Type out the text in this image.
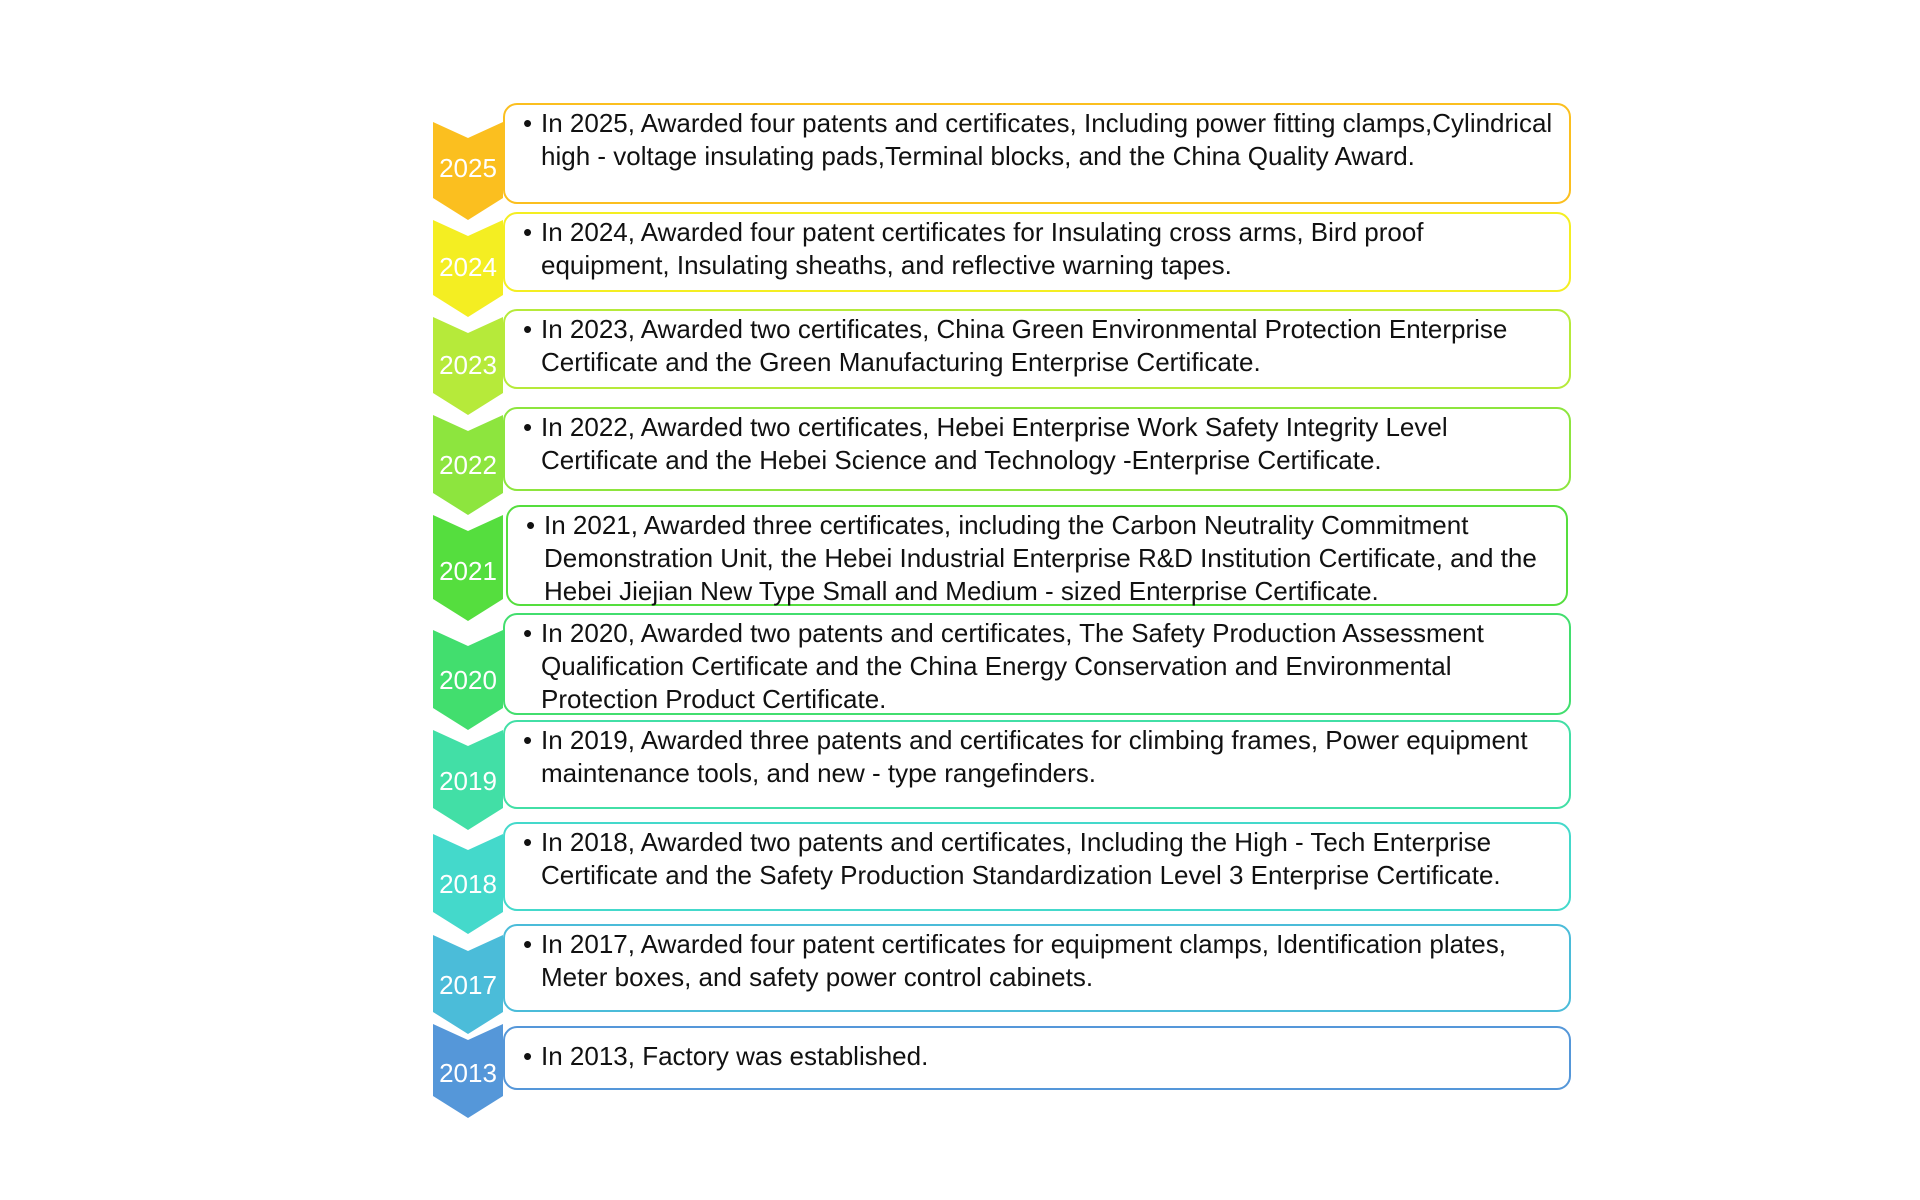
2025
• In 2025, Awarded four patents and certificates, Including power fitting clamps,Cylindrical high - voltage insulating pads,Terminal blocks, and the China Quality Award.
2024
• In 2024, Awarded four patent certificates for Insulating cross arms, Bird proof equipment, Insulating sheaths, and reflective warning tapes.
2023
• In 2023, Awarded two certificates, China Green Environmental Protection Enterprise Certificate and the Green Manufacturing Enterprise Certificate.
2022
• In 2022, Awarded two certificates, Hebei Enterprise Work Safety Integrity Level Certificate and the Hebei Science and Technology -Enterprise Certificate.
2021
• In 2021, Awarded three certificates, including the Carbon Neutrality Commitment Demonstration Unit, the Hebei Industrial Enterprise R&D Institution Certificate, and the Hebei Jiejian New Type Small and Medium - sized Enterprise Certificate.
2020
• In 2020, Awarded two patents and certificates, The Safety Production Assessment Qualification Certificate and the China Energy Conservation and Environmental Protection Product Certificate.
2019
• In 2019, Awarded three patents and certificates for climbing frames, Power equipment maintenance tools, and new - type rangefinders.
2018
• In 2018, Awarded two patents and certificates, Including the High - Tech Enterprise Certificate and the Safety Production Standardization Level 3 Enterprise Certificate.
2017
• In 2017, Awarded four patent certificates for equipment clamps, Identification plates, Meter boxes, and safety power control cabinets.
2013
• In 2013, Factory was established.
